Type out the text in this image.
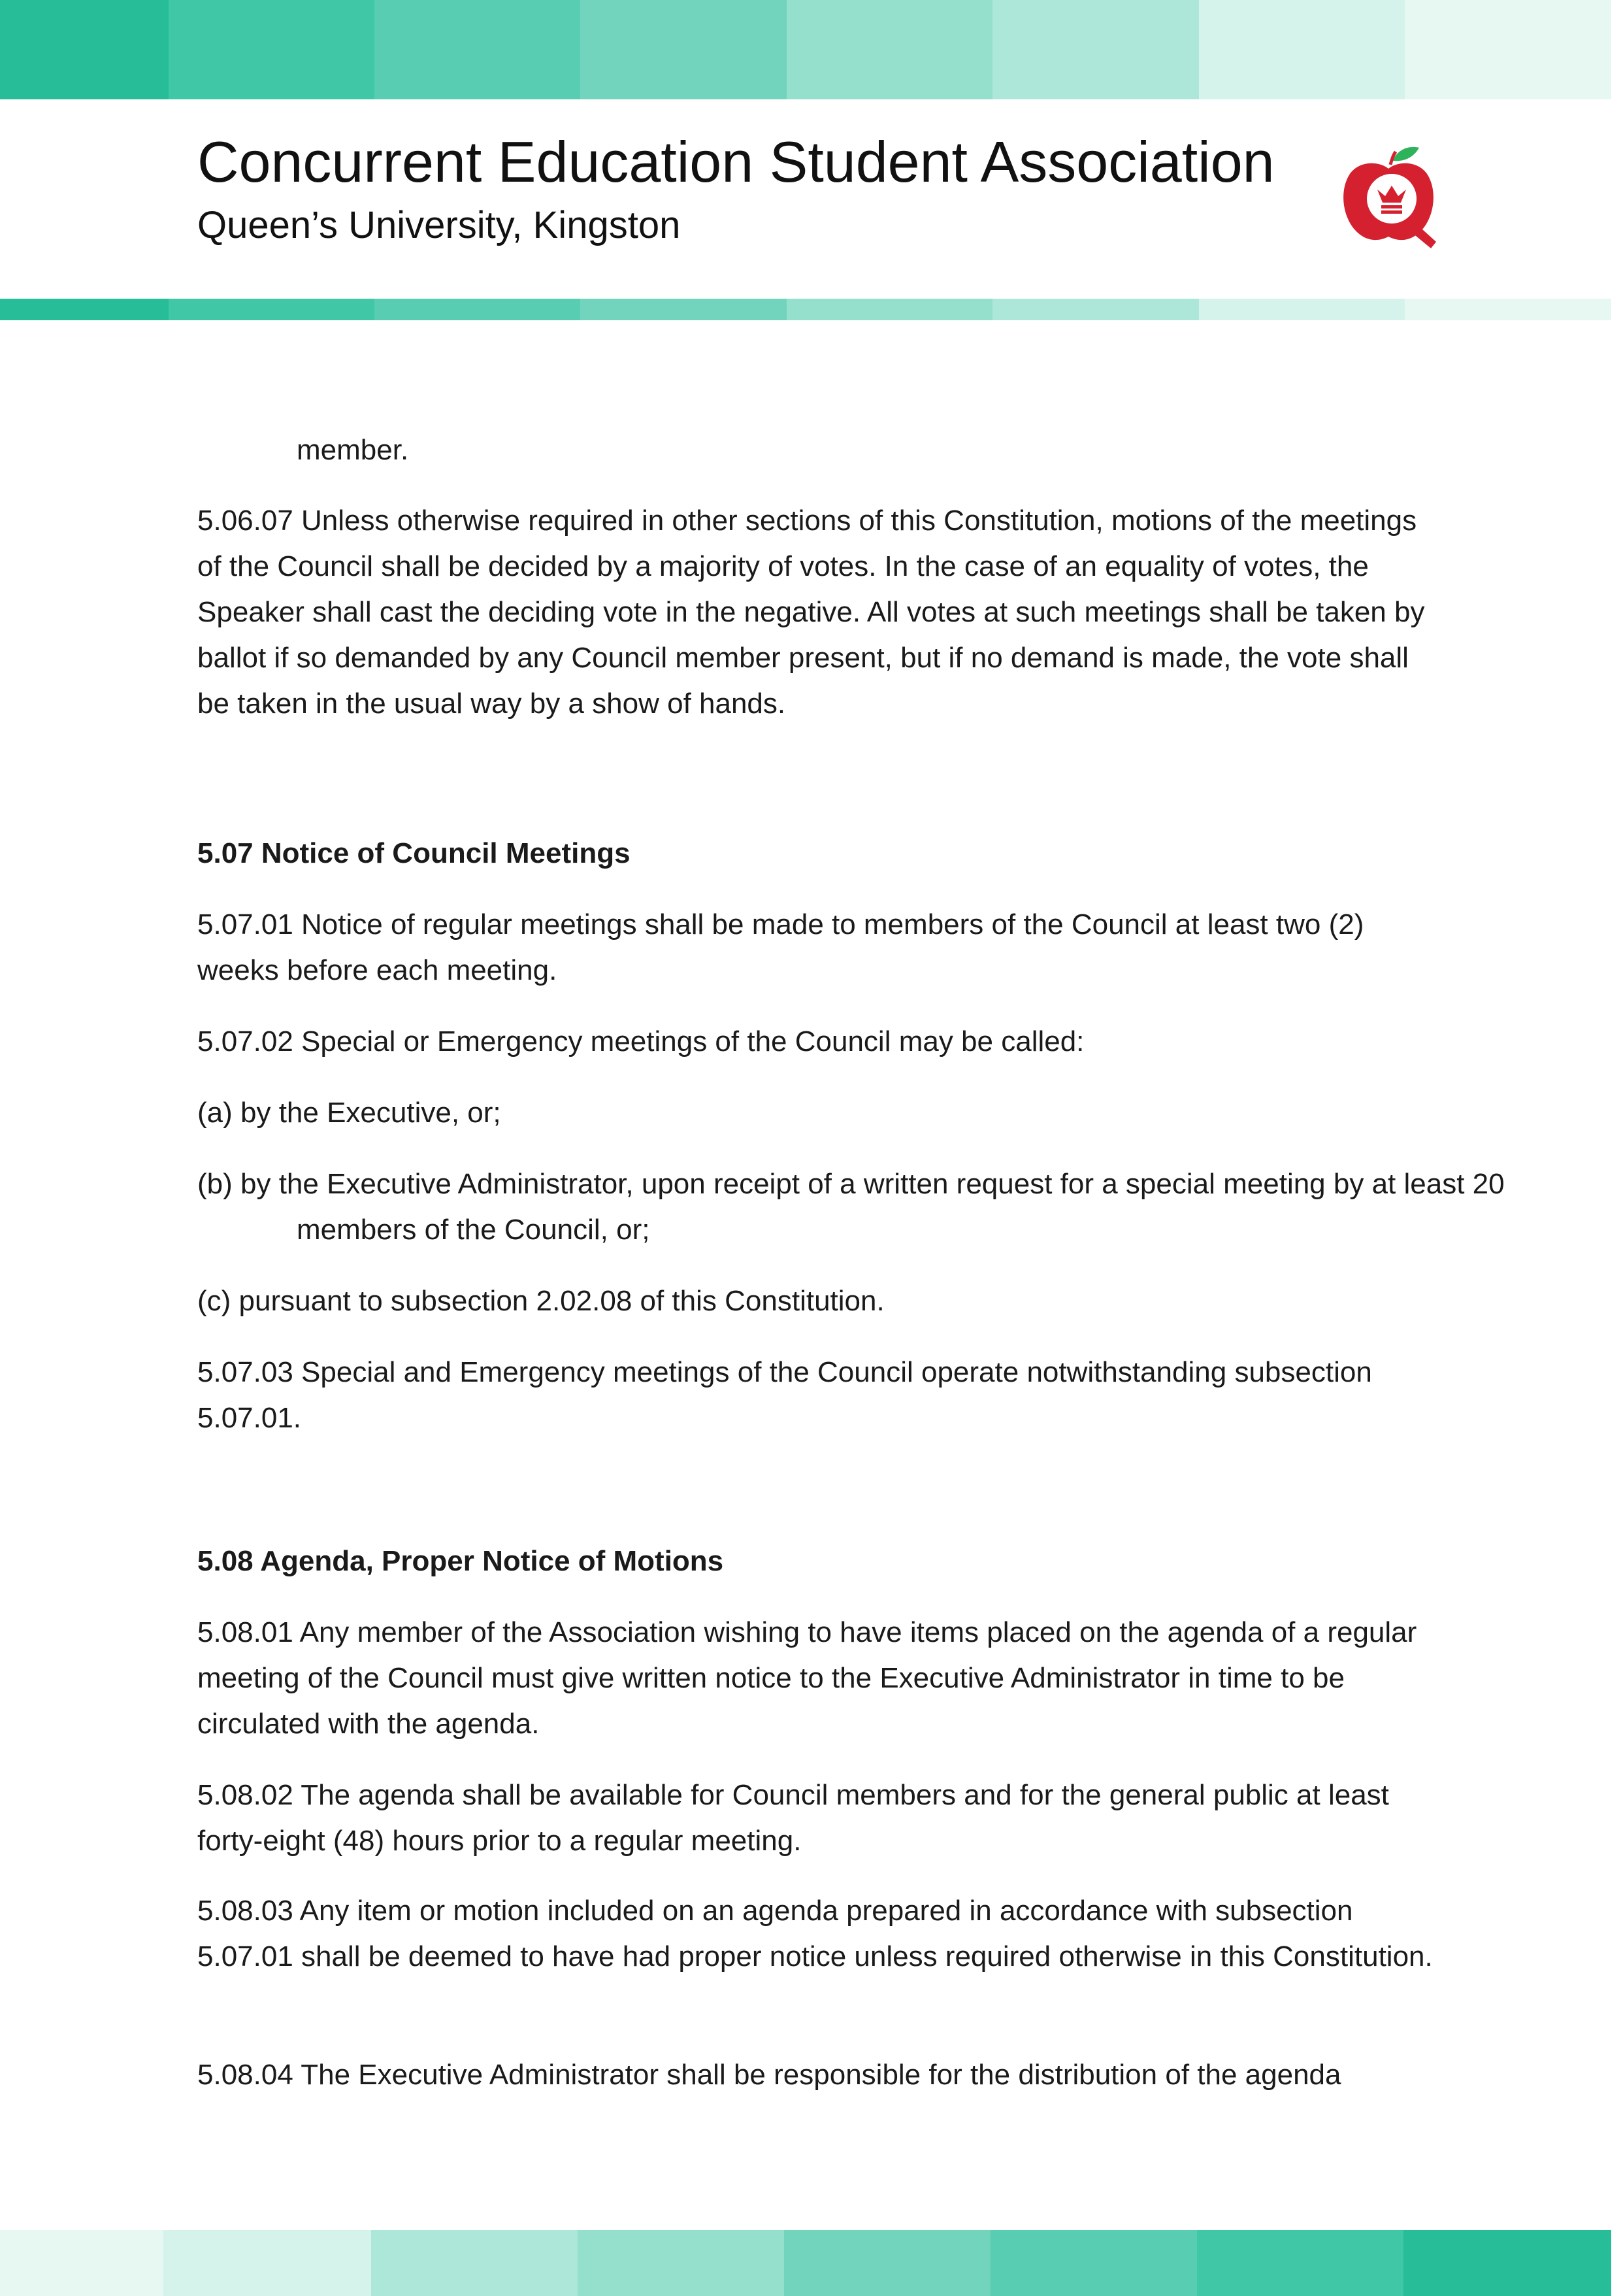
Concurrent Education Student Association
Queen’s University, Kingston

member.

5.06.07 Unless otherwise required in other sections of this Constitution, motions of the meetings of the Council shall be decided by a majority of votes. In the case of an equality of votes, the Speaker shall cast the deciding vote in the negative. All votes at such meetings shall be taken by ballot if so demanded by any Council member present, but if no demand is made, the vote shall be taken in the usual way by a show of hands.

5.07 Notice of Council Meetings

5.07.01 Notice of regular meetings shall be made to members of the Council at least two (2) weeks before each meeting.

5.07.02 Special or Emergency meetings of the Council may be called:

(a) by the Executive, or;

(b) by the Executive Administrator, upon receipt of a written request for a special meeting by at least 20 members of the Council, or;

(c) pursuant to subsection 2.02.08 of this Constitution.

5.07.03 Special and Emergency meetings of the Council operate notwithstanding subsection 5.07.01.

5.08 Agenda, Proper Notice of Motions

5.08.01 Any member of the Association wishing to have items placed on the agenda of a regular meeting of the Council must give written notice to the Executive Administrator in time to be circulated with the agenda.

5.08.02 The agenda shall be available for Council members and for the general public at least forty-eight (48) hours prior to a regular meeting.

5.08.03 Any item or motion included on an agenda prepared in accordance with subsection 5.07.01 shall be deemed to have had proper notice unless required otherwise in this Constitution.

5.08.04 The Executive Administrator shall be responsible for the distribution of the agenda
